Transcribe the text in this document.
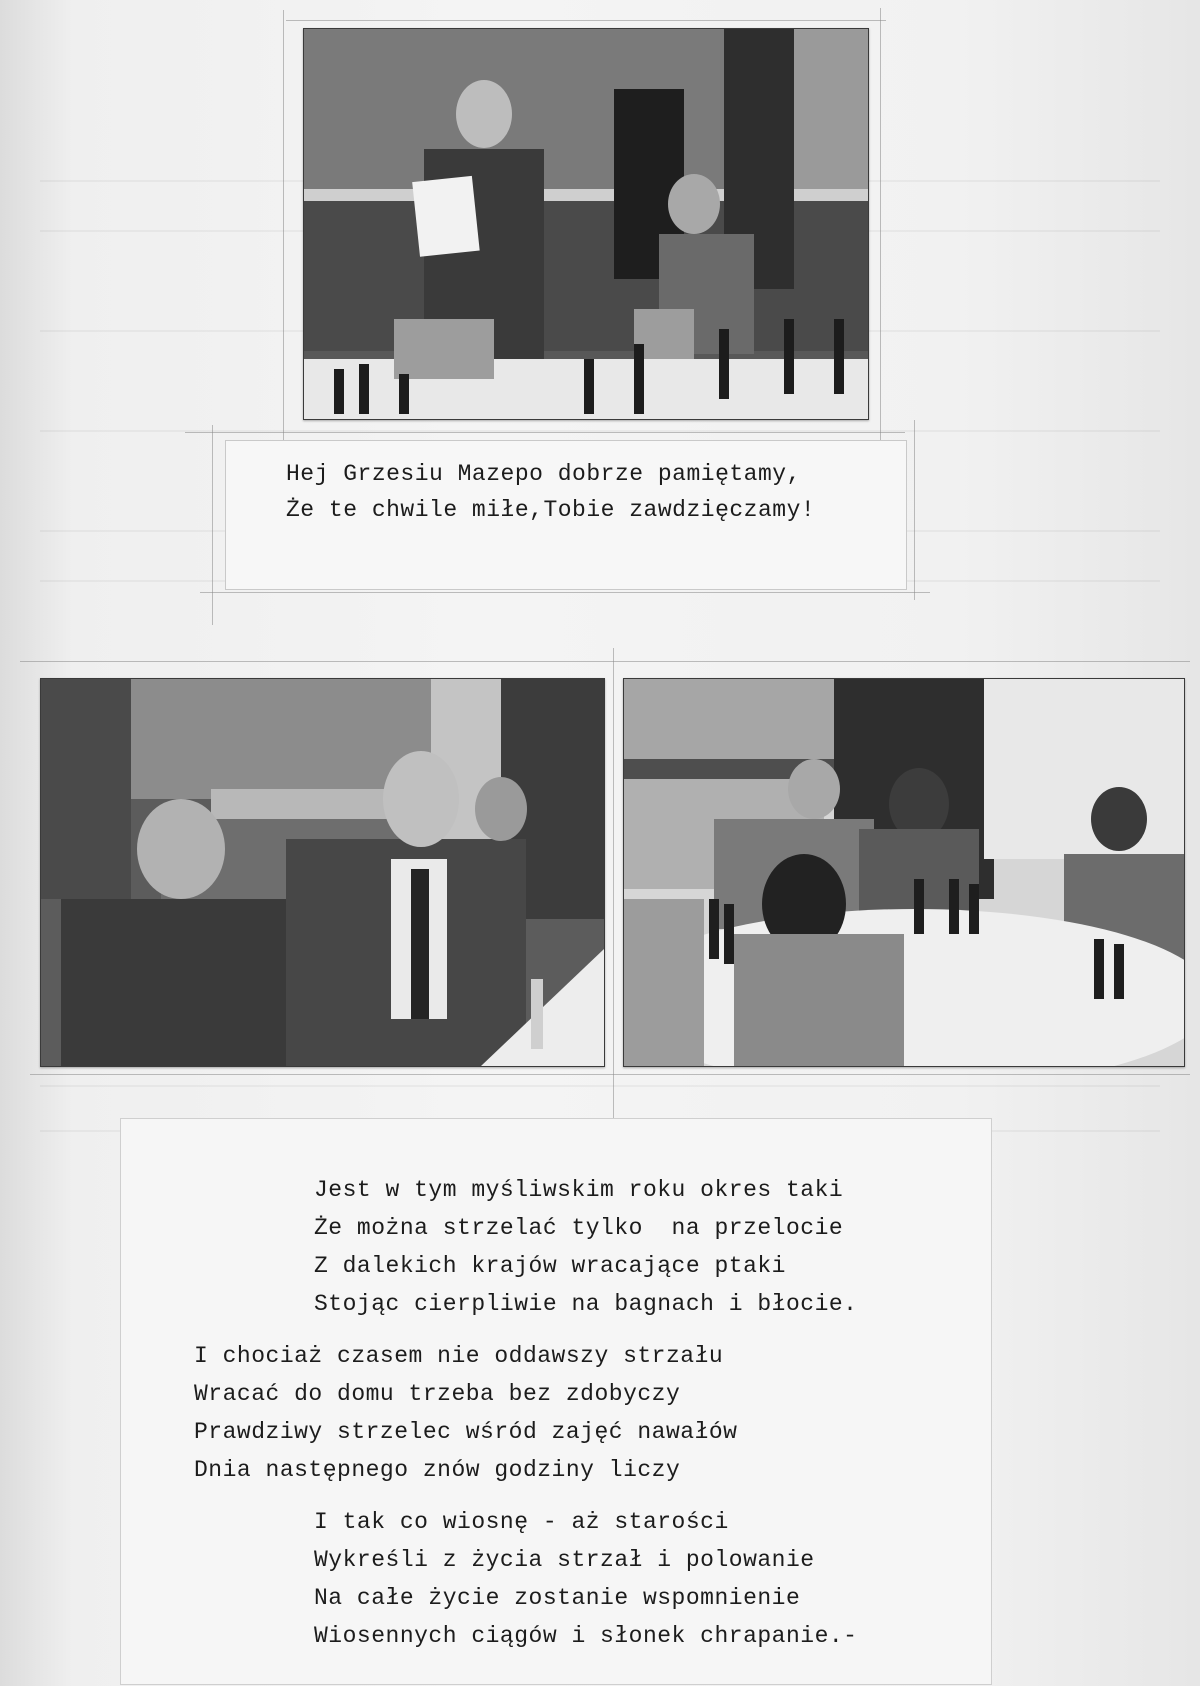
Hej Grzesiu Mazepo dobrze pamiętamy,
Że te chwile miłe,Tobie zawdzięczamy!
Jest w tym myśliwskim roku okres taki
Że można strzelać tylko  na przelocie
Z dalekich krajów wracające ptaki
Stojąc cierpliwie na bagnach i błocie.
I chociaż czasem nie oddawszy strzału
Wracać do domu trzeba bez zdobyczy
Prawdziwy strzelec wśród zajęć nawałów
Dnia następnego znów godziny liczy
I tak co wiosnę - aż starości
Wykreśli z życia strzał i polowanie
Na całe życie zostanie wspomnienie
Wiosennych ciągów i słonek chrapanie.-
